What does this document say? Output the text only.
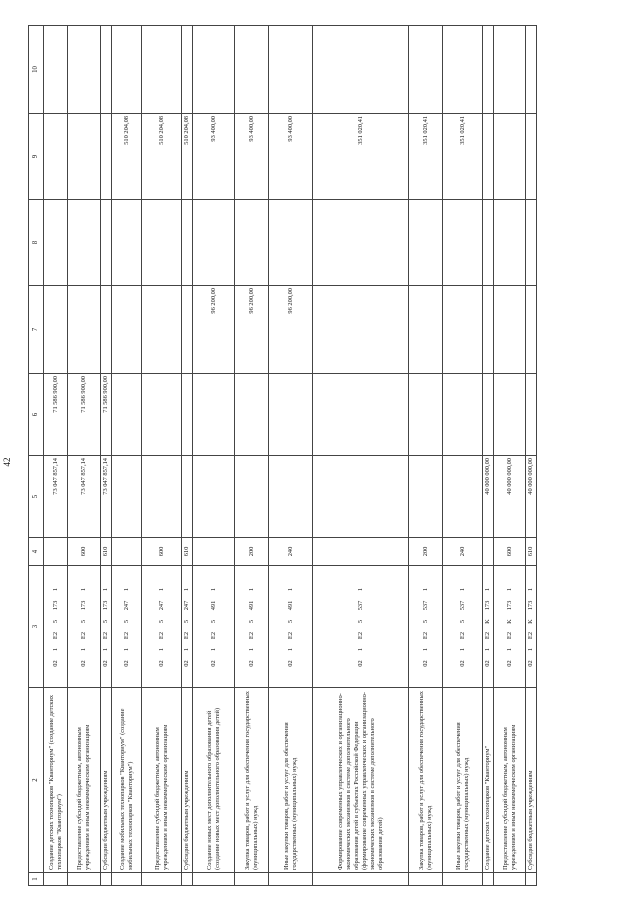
42
1	2	3	4	5	6	7	8	9	10
	Создание детских технопарков "Кванториум" (создание детских технопарков "Кванториум")	021E251731		73 047 857,14	71 586 900,00				
	Предоставление субсидий бюджетным, автономным учреждениям и иным некоммерческим организациям	021E251731	600	73 047 857,14	71 586 900,00				
	Субсидии бюджетным учреждениям	021E251731	610	73 047 857,14	71 586 900,00				
	Создание мобильных технопарков "Кванториум" (создание мобильных технопарков "Кванториум")	021E252471						510 204,08	
	Предоставление субсидий бюджетным, автономным учреждениям и иным некоммерческим организациям	021E252471	600					510 204,08	
	Субсидии бюджетным учреждениям	021E252471	610					510 204,08	
	Создание новых мест дополнительного образования детей (создание новых мест дополнительного образования детей)	021E254911				96 200,00		93 400,00	
	Закупка товаров, работ и услуг для обеспечения государственных (муниципальных) нужд	021E254911	200			96 200,00		93 400,00	
	Иные закупки товаров, работ и услуг для обеспечения государственных (муниципальных) нужд	021E254911	240			96 200,00		93 400,00	
	Формирование современных управленческих и организационно-экономических механизмов в системе дополнительного образования детей в субъектах Российской Федерации (формирование современных управленческих и организационно-экономических механизмов в системе дополнительного образования детей)	021E255371						351 020,41	
	Закупка товаров, работ и услуг для обеспечения государственных (муниципальных) нужд	021E255371	200					351 020,41	
	Иные закупки товаров, работ и услуг для обеспечения государственных (муниципальных) нужд	021E255371	240					351 020,41	
	Создание детских технопарков "Кванториум"	021E2K1731		40 000 000,00					
	Предоставление субсидий бюджетным, автономным учреждениям и иным некоммерческим организациям	021E2K1731	600	40 000 000,00					
	Субсидии бюджетным учреждениям	021E2K1731	610	40 000 000,00					
